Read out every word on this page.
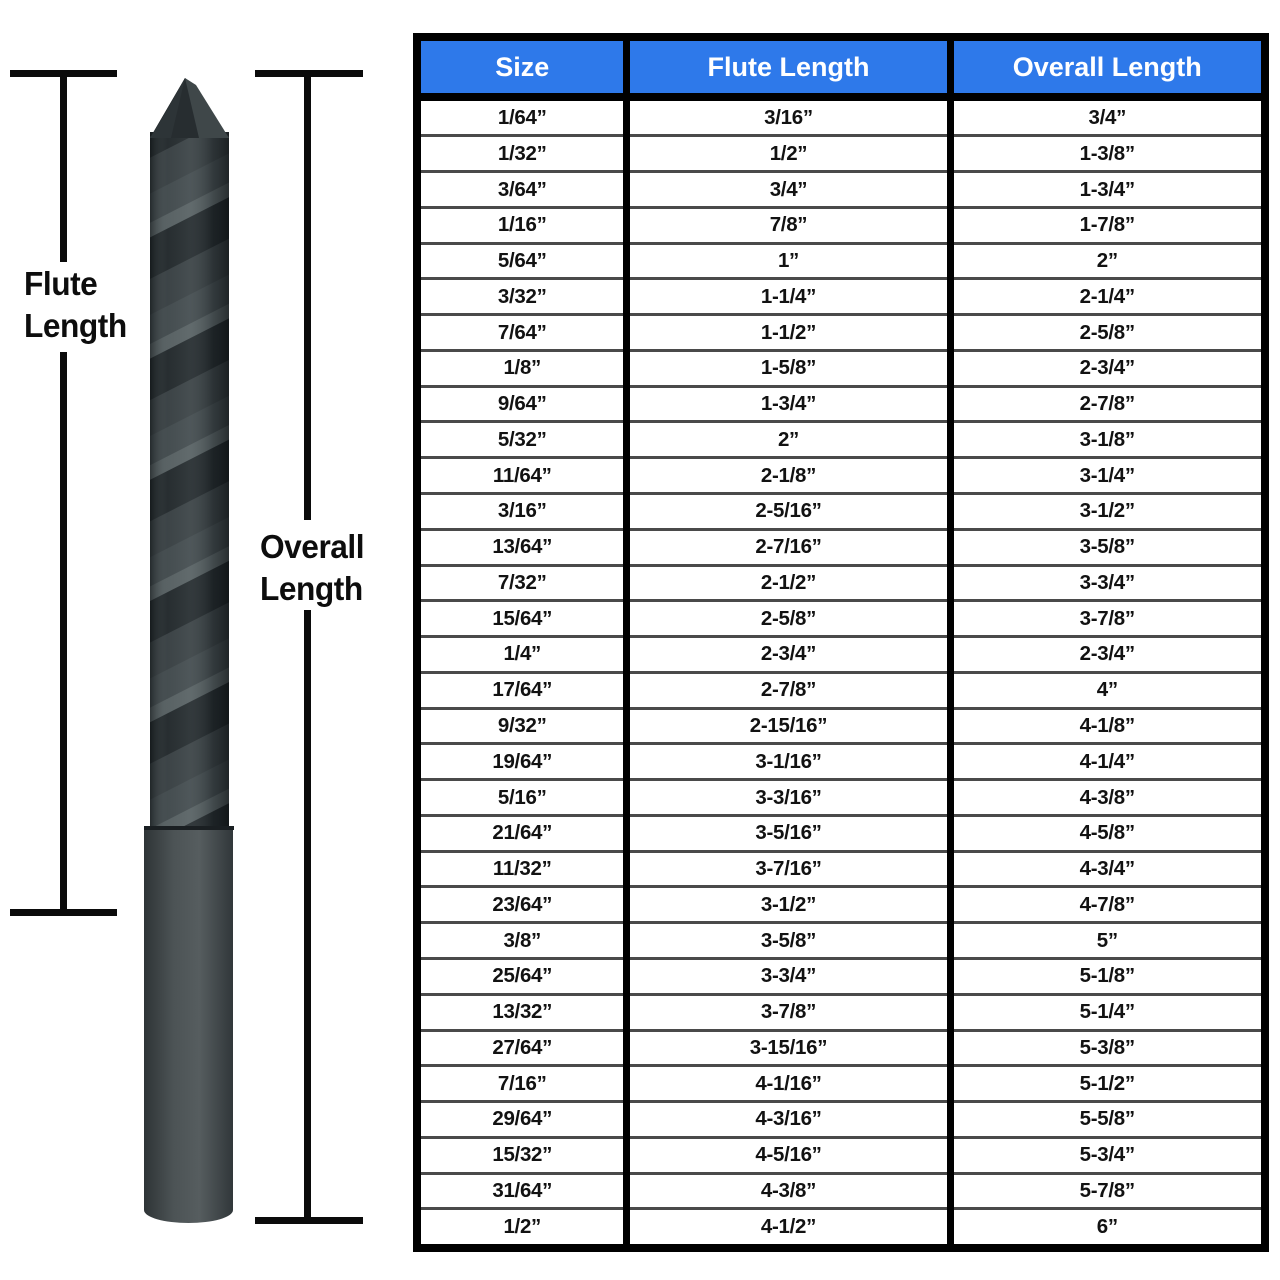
Flute Length
Overall Length
Size	Flute Length	Overall Length
1/64”	3/16”	3/4”
1/32”	1/2”	1-3/8”
3/64”	3/4”	1-3/4”
1/16”	7/8”	1-7/8”
5/64”	1”	2”
3/32”	1-1/4”	2-1/4”
7/64”	1-1/2”	2-5/8”
1/8”	1-5/8”	2-3/4”
9/64”	1-3/4”	2-7/8”
5/32”	2”	3-1/8”
11/64”	2-1/8”	3-1/4”
3/16”	2-5/16”	3-1/2”
13/64”	2-7/16”	3-5/8”
7/32”	2-1/2”	3-3/4”
15/64”	2-5/8”	3-7/8”
1/4”	2-3/4”	2-3/4”
17/64”	2-7/8”	4”
9/32”	2-15/16”	4-1/8”
19/64”	3-1/16”	4-1/4”
5/16”	3-3/16”	4-3/8”
21/64”	3-5/16”	4-5/8”
11/32”	3-7/16”	4-3/4”
23/64”	3-1/2”	4-7/8”
3/8”	3-5/8”	5”
25/64”	3-3/4”	5-1/8”
13/32”	3-7/8”	5-1/4”
27/64”	3-15/16”	5-3/8”
7/16”	4-1/16”	5-1/2”
29/64”	4-3/16”	5-5/8”
15/32”	4-5/16”	5-3/4”
31/64”	4-3/8”	5-7/8”
1/2”	4-1/2”	6”
